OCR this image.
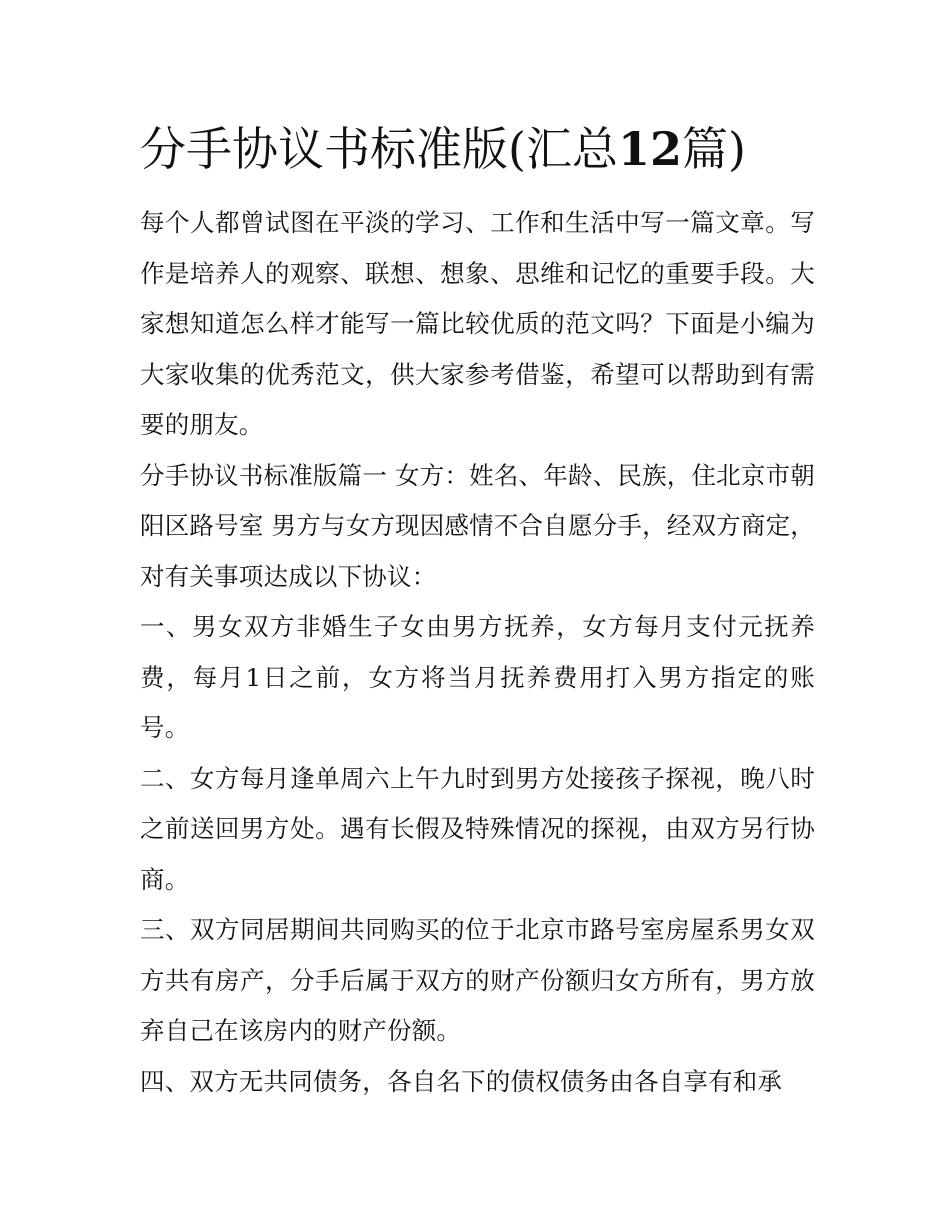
分手协议书标准版(汇总12篇)

每个人都曾试图在平淡的学习、工作和生活中写一篇文章。写作是培养人的观察、联想、想象、思维和记忆的重要手段。大家想知道怎么样才能写一篇比较优质的范文吗？下面是小编为大家收集的优秀范文，供大家参考借鉴，希望可以帮助到有需要的朋友。

分手协议书标准版篇一 女方：姓名、年龄、民族，住北京市朝阳区路号室 男方与女方现因感情不合自愿分手，经双方商定，对有关事项达成以下协议：

一、男女双方非婚生子女由男方抚养，女方每月支付元抚养费，每月1日之前，女方将当月抚养费用打入男方指定的账号。

二、女方每月逢单周六上午九时到男方处接孩子探视，晚八时之前送回男方处。遇有长假及特殊情况的探视，由双方另行协商。

三、双方同居期间共同购买的位于北京市路号室房屋系男女双方共有房产，分手后属于双方的财产份额归女方所有，男方放弃自己在该房内的财产份额。

四、双方无共同债务，各自名下的债权债务由各自享有和承
